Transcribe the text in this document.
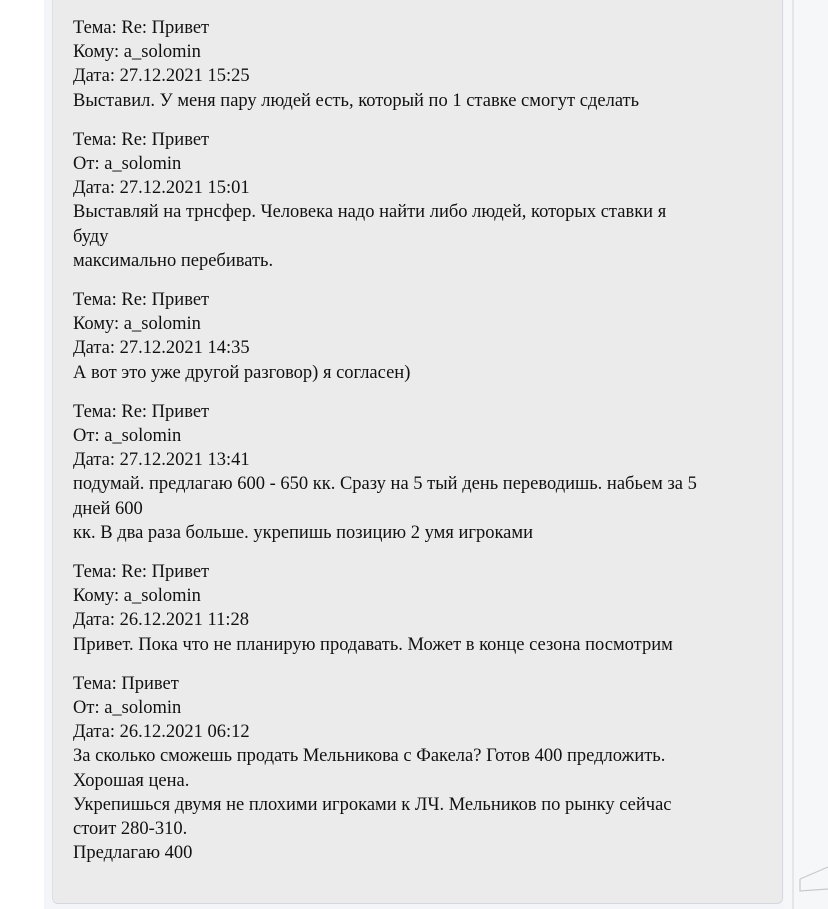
Тема: Re: Привет
Кому: a_solomin
Дата: 27.12.2021 15:25
Выставил. У меня пару людей есть, который по 1 ставке смогут сделать
Тема: Re: Привет
От: a_solomin
Дата: 27.12.2021 15:01
Выставляй на трнсфер. Человека надо найти либо людей, которых ставки я
буду
максимально перебивать.
Тема: Re: Привет
Кому: a_solomin
Дата: 27.12.2021 14:35
А вот это уже другой разговор) я согласен)
Тема: Re: Привет
От: a_solomin
Дата: 27.12.2021 13:41
подумай. предлагаю 600 - 650 кк. Сразу на 5 тый день переводишь. набьем за 5
дней 600
кк. В два раза больше. укрепишь позицию 2 умя игроками
Тема: Re: Привет
Кому: a_solomin
Дата: 26.12.2021 11:28
Привет. Пока что не планирую продавать. Может в конце сезона посмотрим
Тема: Привет
От: a_solomin
Дата: 26.12.2021 06:12
За сколько сможешь продать Мельникова с Факела? Готов 400 предложить.
Хорошая цена.
Укрепишься двумя не плохими игроками к ЛЧ. Мельников по рынку сейчас
стоит 280-310.
Предлагаю 400
